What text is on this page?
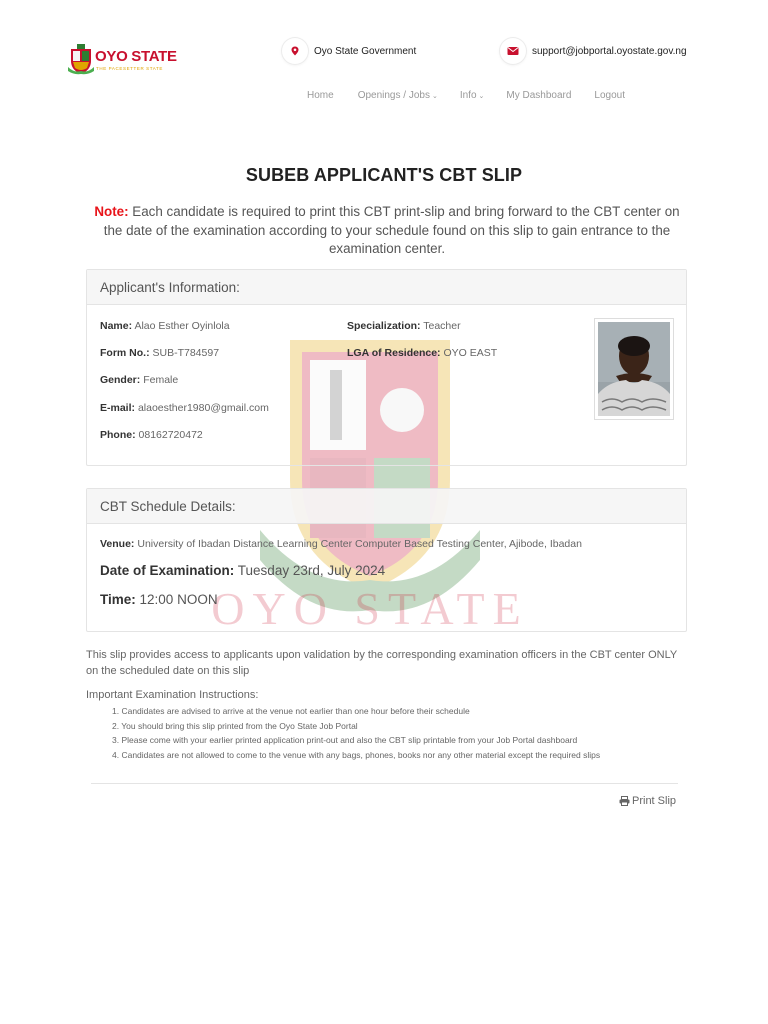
OYO STATE
THE PACESETTER STATE
Oyo State Government	support@jobportal.oyostate.gov.ng
Home Openings / Jobs ⌄ Info ⌄ My Dashboard Logout
SUBEB APPLICANT'S CBT SLIP

Note: Each candidate is required to print this CBT print-slip and bring forward to the CBT center on the date of the examination according to your schedule found on this slip to gain entrance to the examination center.

OYO STATE
Applicant's Information:
Name: Alao Esther Oyinlola
Form No.: SUB-T784597
Gender: Female
E-mail: alaoesther1980@gmail.com
Phone: 08162720472
Specialization: Teacher
LGA of Residence: OYO EAST
CBT Schedule Details:
Venue: University of Ibadan Distance Learning Center Computer Based Testing Center, Ajibode, Ibadan
Date of Examination: Tuesday 23rd, July 2024
Time: 12:00 NOON

This slip provides access to applicants upon validation by the corresponding examination officers in the CBT center ONLY on the scheduled date on this slip

Important Examination Instructions:
1. Candidates are advised to arrive at the venue not earlier than one hour before their schedule
2. You should bring this slip printed from the Oyo State Job Portal
3. Please come with your earlier printed application print-out and also the CBT slip printable from your Job Portal dashboard
4. Candidates are not allowed to come to the venue with any bags, phones, books nor any other material except the required slips
Print Slip
